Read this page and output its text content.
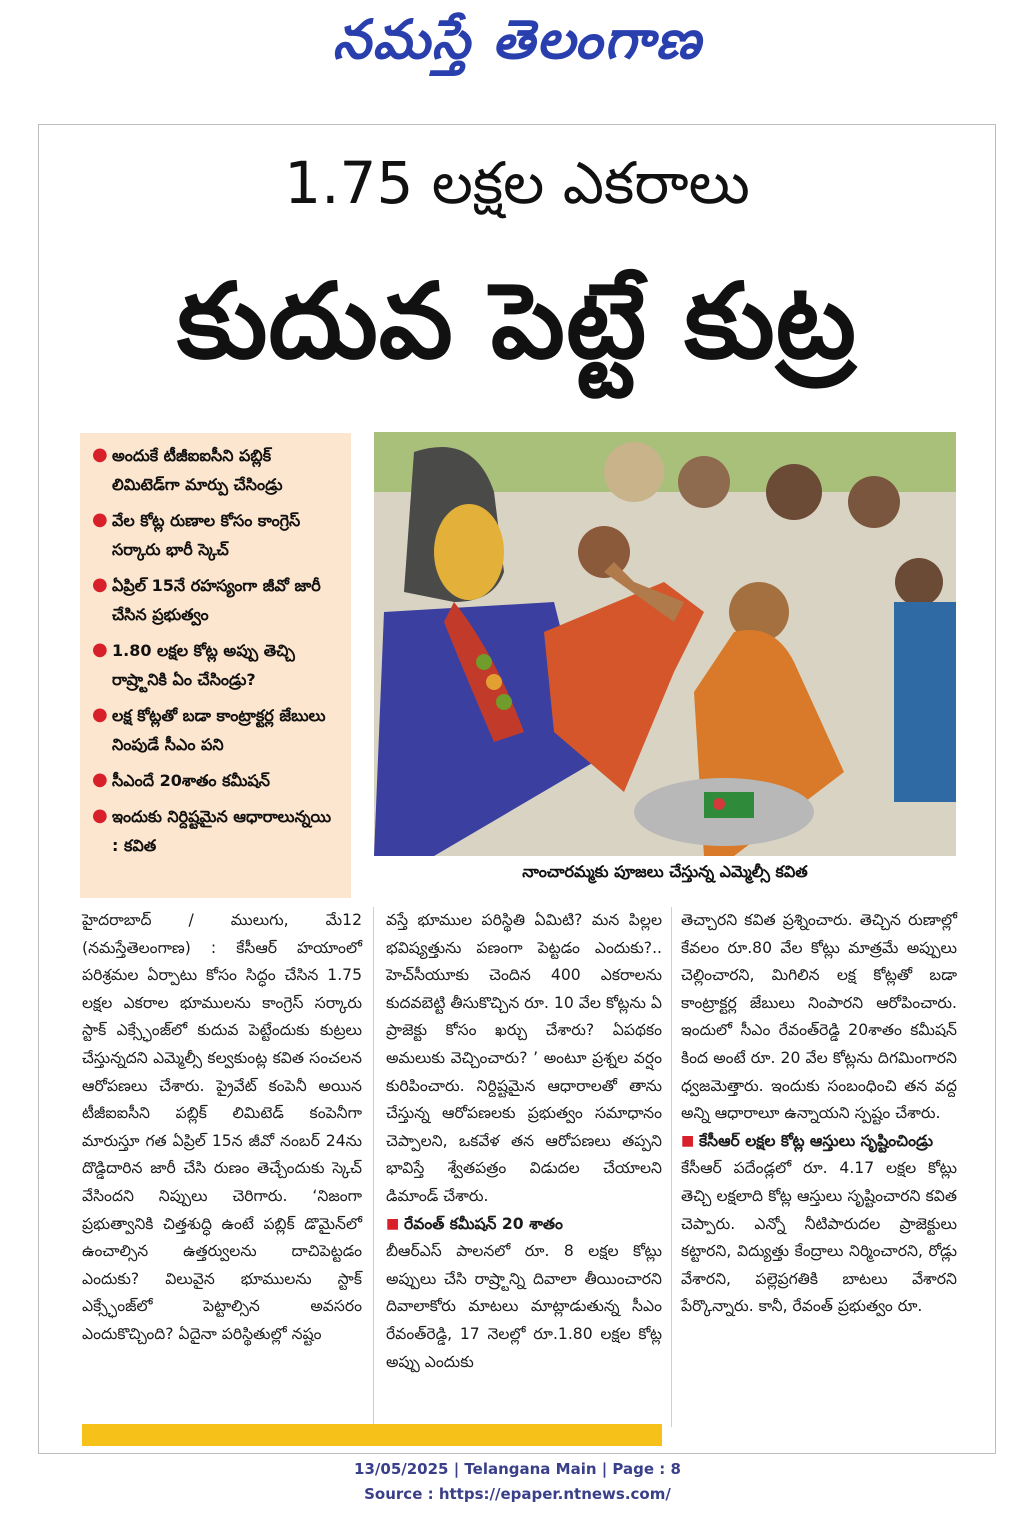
నమస్తే తెలంగాణ
1.75 లక్షల ఎకరాలు
కుదువ పెట్టే కుట్ర
● అందుకే టీజీఐఐసీని పబ్లిక్ లిమిటెడ్‌గా మార్పు చేసిండ్రు
● వేల కోట్ల రుణాల కోసం కాంగ్రెస్ సర్కారు భారీ స్కెచ్
● ఏప్రిల్ 15నే రహస్యంగా జీవో జారీ చేసిన ప్రభుత్వం
● 1.80 లక్షల కోట్ల అప్పు తెచ్చి రాష్ర్టానికి ఏం చేసిండ్రు?
● లక్ష కోట్లతో బడా కాంట్రాక్టర్ల జేబులు నింపుడే సీఎం పని
● సీఎందే 20శాతం కమీషన్
● ఇందుకు నిర్దిష్టమైన ఆధారాలున్నయి : కవిత
నాంచారమ్మకు పూజలు చేస్తున్న ఎమ్మెల్సీ కవిత

హైదరాబాద్ / ములుగు, మే12 (నమస్తేతెలంగాణ) : కేసీఆర్ హయాంలో పరిశ్రమల ఏర్పాటు కోసం సిద్ధం చేసిన 1.75 లక్షల ఎకరాల భూములను కాంగ్రెస్ సర్కారు స్టాక్ ఎక్స్ఛేంజ్‌లో కుదువ పెట్టేందుకు కుట్రలు చేస్తున్నదని ఎమ్మెల్సీ కల్వకుంట్ల కవిత సంచలన ఆరోపణలు చేశారు. ప్రైవేట్ కంపెనీ అయిన టీజీఐఐసీని పబ్లిక్ లిమిటెడ్ కంపెనీగా మారుస్తూ గత ఏప్రిల్ 15న జీవో నంబర్ 24ను దొడ్డిదారిన జారీ చేసి రుణం తెచ్చేందుకు స్కెచ్ వేసిందని నిప్పులు చెరిగారు. ‘నిజంగా ప్రభుత్వానికి చిత్తశుద్ధి ఉంటే పబ్లిక్ డొమైన్‌లో ఉంచాల్సిన ఉత్తర్వులను దాచిపెట్టడం ఎందుకు? విలువైన భూములను స్టాక్ ఎక్స్ఛేంజ్‌లో పెట్టాల్సిన అవసరం ఎందుకొచ్చింది? ఏదైనా పరిస్థితుల్లో నష్టం

వస్తే భూముల పరిస్థితి ఏమిటి? మన పిల్లల భవిష్యత్తును పణంగా పెట్టడం ఎందుకు?.. హెచ్‌సీయూకు చెందిన 400 ఎకరాలను కుదవబెట్టి తీసుకొచ్చిన రూ. 10 వేల కోట్లను ఏ ప్రాజెక్టు కోసం ఖర్చు చేశారు? ఏపథకం అమలుకు వెచ్చించారు? ’ అంటూ ప్రశ్నల వర్షం కురిపించారు. నిర్దిష్టమైన ఆధారాలతో తాను చేస్తున్న ఆరోపణలకు ప్రభుత్వం సమాధానం చెప్పాలని, ఒకవేళ తన ఆరోపణలు తప్పని భావిస్తే శ్వేతపత్రం విడుదల చేయాలని డిమాండ్ చేశారు.

■ రేవంత్ కమీషన్ 20 శాతం

బీఆర్‌ఎస్ పాలనలో రూ. 8 లక్షల కోట్లు అప్పులు చేసి రాష్ర్టాన్ని దివాలా తీయించారని దివాలాకోరు మాటలు మాట్లాడుతున్న సీఎం రేవంత్‌రెడ్డి, 17 నెలల్లో రూ.1.80 లక్షల కోట్ల అప్పు ఎందుకు

తెచ్చారని కవిత ప్రశ్నించారు. తెచ్చిన రుణాల్లో కేవలం రూ.80 వేల కోట్లు మాత్రమే అప్పులు చెల్లించారని, మిగిలిన లక్ష కోట్లతో బడా కాంట్రాక్టర్ల జేబులు నింపారని ఆరోపించారు. ఇందులో సీఎం రేవంత్‌రెడ్డి 20శాతం కమీషన్ కింద అంటే రూ. 20 వేల కోట్లను దిగమింగారని ధ్వజమెత్తారు. ఇందుకు సంబంధించి తన వద్ద అన్ని ఆధారాలూ ఉన్నాయని స్పష్టం చేశారు.

■ కేసీఆర్ లక్షల కోట్ల ఆస్తులు సృష్టించిండ్రు

కేసీఆర్ పదేండ్లలో రూ. 4.17 లక్షల కోట్లు తెచ్చి లక్షలాది కోట్ల ఆస్తులు సృష్టించారని కవిత చెప్పారు. ఎన్నో నీటిపారుదల ప్రాజెక్టులు కట్టారని, విద్యుత్తు కేంద్రాలు నిర్మించారని, రోడ్లు వేశారని, పల్లెప్రగతికి బాటలు వేశారని పేర్కొన్నారు. కానీ, రేవంత్ ప్రభుత్వం రూ.

13/05/2025 | Telangana Main | Page : 8
Source : https://epaper.ntnews.com/
